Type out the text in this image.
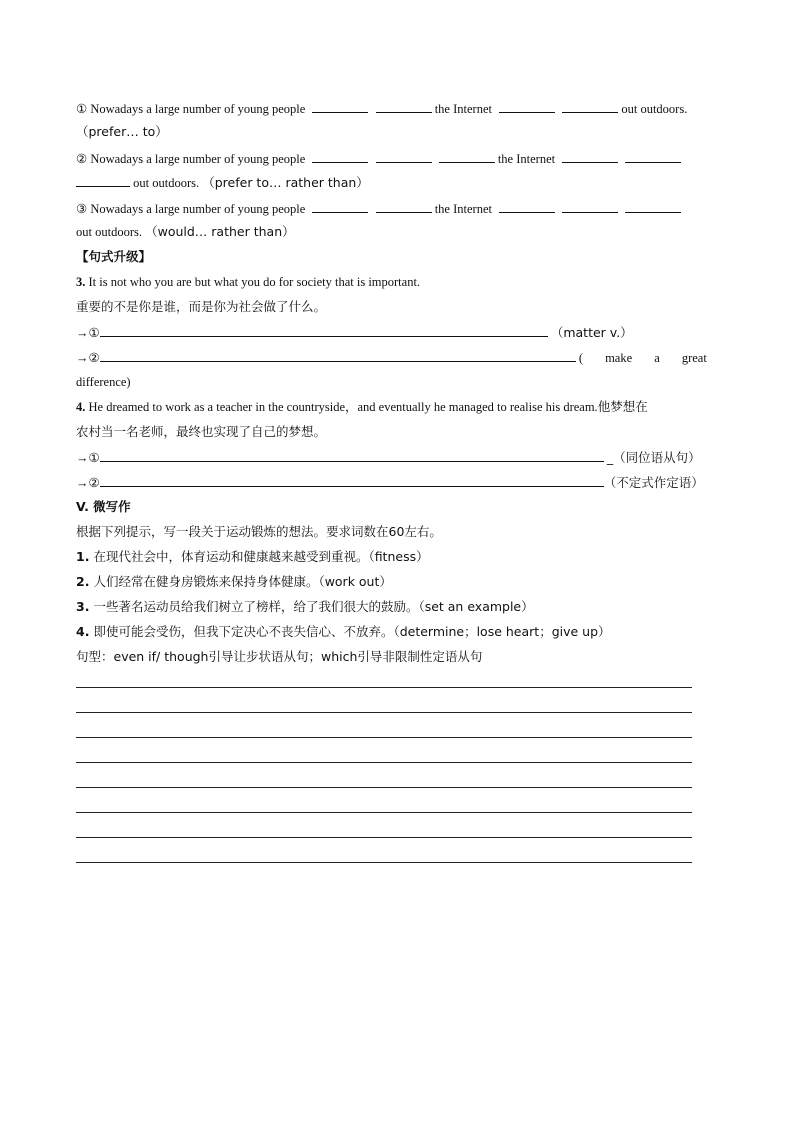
① Nowadays a large number of young people	the Internet	out outdoors.
（prefer… to）
② Nowadays a large number of young people	the Internet
out outdoors. （prefer to… rather than）
③ Nowadays a large number of young people	the Internet
out outdoors. （would… rather than）
【句式升级】
3. It is not who you are but what you do for society that is important.
重要的不是你是谁，而是你为社会做了什么。
→①	（matter v.）
→②	( make a great
difference)
4. He dreamed to work as a teacher in the countryside，and eventually he managed to realise his dream.他梦想在
农村当一名老师，最终也实现了自己的梦想。
→①	_（同位语从句）
→②	（不定式作定语）
V. 微写作
根据下列提示，写一段关于运动锻炼的想法。要求词数在60左右。
1. 在现代社会中，体育运动和健康越来越受到重视。（fitness）
2. 人们经常在健身房锻炼来保持身体健康。（work out）
3. 一些著名运动员给我们树立了榜样，给了我们很大的鼓励。（set an example）
4. 即使可能会受伤，但我下定决心不丧失信心、不放弃。（determine；lose heart；give up）
句型：even if/ though引导让步状语从句；which引导非限制性定语从句
